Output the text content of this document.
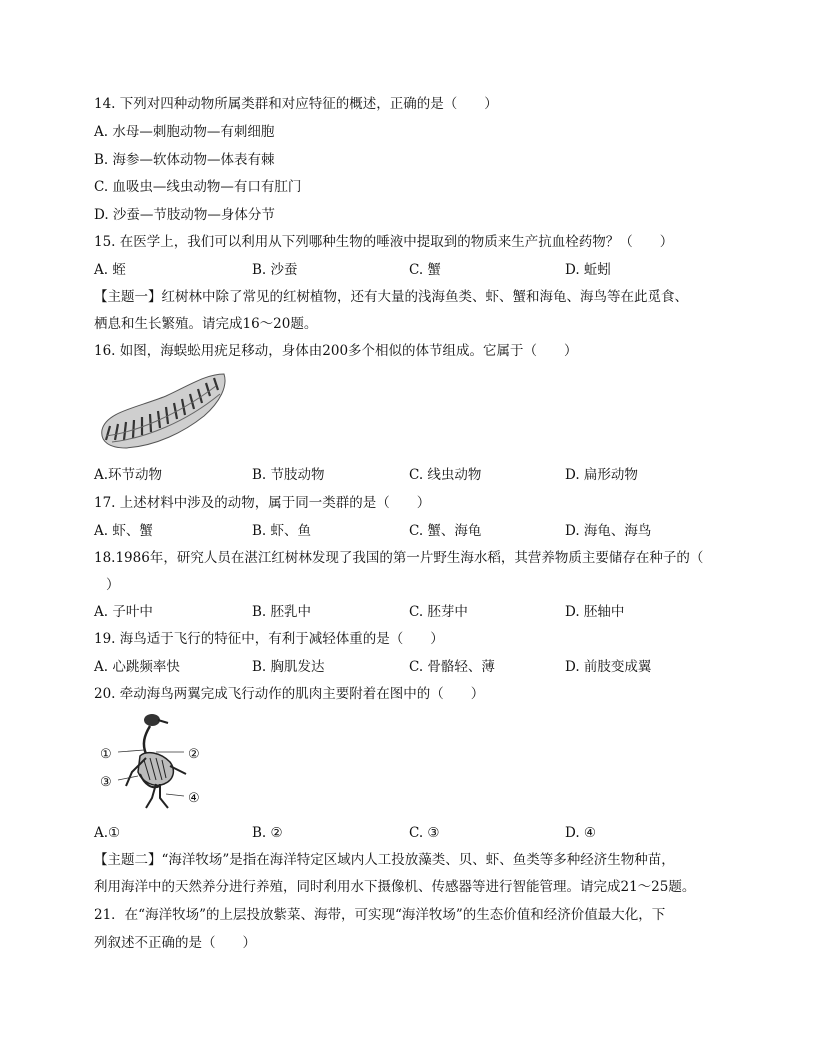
14. 下列对四种动物所属类群和对应特征的概述，正确的是（　　）
A. 水母—刺胞动物—有刺细胞
B. 海参—软体动物—体表有棘
C. 血吸虫—线虫动物—有口有肛门
D. 沙蚕—节肢动物—身体分节
15. 在医学上，我们可以利用从下列哪种生物的唾液中提取到的物质来生产抗血栓药物？（　　）
A. 蛭	B. 沙蚕	C. 蟹	D. 蚯蚓
【主题一】红树林中除了常见的红树植物，还有大量的浅海鱼类、虾、蟹和海龟、海鸟等在此觅食、
栖息和生长繁殖。请完成16～20题。
16. 如图，海蜈蚣用疣足移动，身体由200多个相似的体节组成。它属于（　　）
A.环节动物	B. 节肢动物	C. 线虫动物	D. 扁形动物
17. 上述材料中涉及的动物，属于同一类群的是（　　）
A. 虾、蟹	B. 虾、鱼	C. 蟹、海龟	D. 海龟、海鸟
18.1986年，研究人员在湛江红树林发现了我国的第一片野生海水稻，其营养物质主要储存在种子的（
）
A. 子叶中	B. 胚乳中	C. 胚芽中	D. 胚轴中
19. 海鸟适于飞行的特征中，有利于减轻体重的是（　　）
A. 心跳频率快	B. 胸肌发达	C. 骨骼轻、薄	D. 前肢变成翼
20. 牵动海鸟两翼完成飞行动作的肌肉主要附着在图中的（　　）
①	②
③
④
A.①	B. ②	C. ③	D. ④
【主题二】“海洋牧场”是指在海洋特定区域内人工投放藻类、贝、虾、鱼类等多种经济生物种苗，
利用海洋中的天然养分进行养殖，同时利用水下摄像机、传感器等进行智能管理。请完成21～25题。
21．在“海洋牧场”的上层投放紫菜、海带，可实现“海洋牧场”的生态价值和经济价值最大化，下
列叙述不正确的是（　　）
